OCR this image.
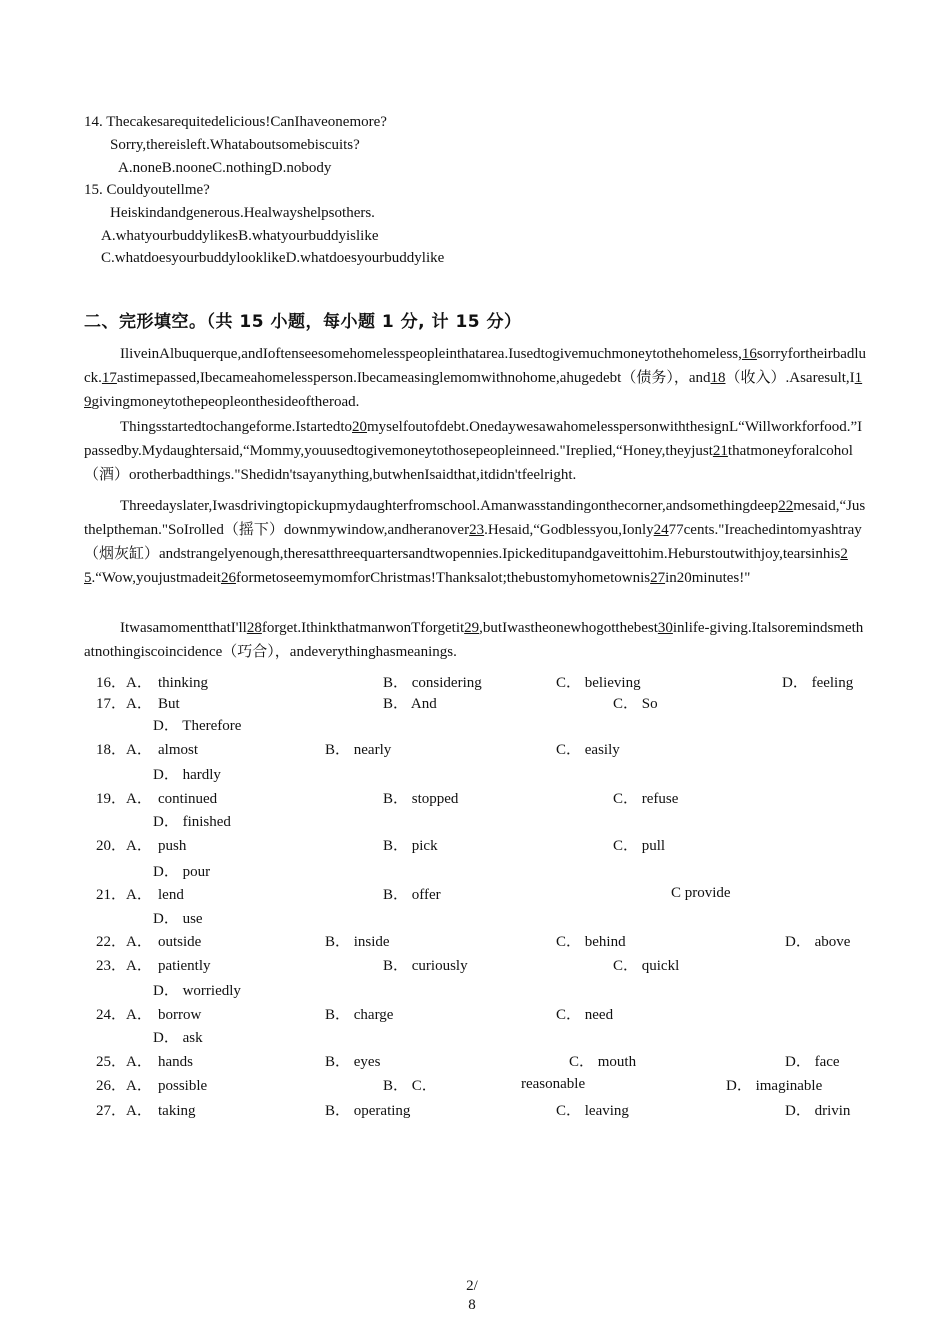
14. Thecakesarequitedelicious!CanIhaveonemore?
Sorry,thereisleft.Whataboutsomebiscuits?
A.noneB.nooneC.nothingD.nobody
15. Couldyoutellme?
Heiskindandgenerous.Healwayshelpsothers.
A.whatyourbuddylikesB.whatyourbuddyislike
C.whatdoesyourbuddylooklikeD.whatdoesyourbuddylike
二、完形填空。（共 15 小题，每小题 1 分, 计 15 分）

IliveinAlbuquerque,andIoftenseesomehomelesspeopleinthatarea.Iusedtogivemuchmoneytothehomeless,16sorryfortheirbadluck.17astimepassed,Ibecameahomelessperson.Ibecameasinglemomwithnohome,ahugedebt（债务），and18（收入）.Asaresult,I19givingmoneytothepeopleonthesideoftheroad.

Thingsstartedtochangeforme.Istartedto20myselfoutofdebt.OnedaywesawahomelesspersonwiththesignL“Willworkforfood.”Ipassedby.Mydaughtersaid,“Mommy,youusedtogivemoneytothosepeopleinneed."Ireplied,“Honey,theyjust21thatmoneyforalcohol（酒）orotherbadthings."Shedidn'tsayanything,butwhenIsaidthat,itdidn'tfeelright.

Threedayslater,Iwasdrivingtopickupmydaughterfromschool.Amanwasstandingonthecorner,andsomethingdeep22mesaid,“Justhelptheman."SoIrolled（摇下）downmywindow,andheranover23.Hesaid,“Godblessyou,Ionly2477cents."Ireachedintomyashtray（烟灰缸）andstrangelyenough,theresatthreequartersandtwopennies.Ipickeditupandgaveittohim.Heburstoutwithjoy,tearsinhis25.“Wow,youjustmadeit26formetoseemymomforChristmas!Thanksalot;thebustomyhometownis27in20minutes!"

ItwasamomentthatI'll28forget.IthinkthatmanwonTforgetit29,butIwastheonewhogotthebest30inlife-giving.Italsoremindsmethatnothingiscoincidence（巧合），andeverythinghasmeanings.

16．A． thinking	B． considering	C． believing	D． feeling
17．A． But	B． And	C． So
D． Therefore
18．A． almost	B． nearly	C． easily
D． hardly
19．A． continued	B． stopped	C． refuse
D． finished
20．A． push	B． pick	C． pull
D． pour
21．A． lend	B． offer	C provide
D． use
22．A． outside	B． inside	C． behind	D． above
23．A． patiently	B． curiously	C． quickl
D． worriedly
24．A． borrow	B． charge	C． need
D． ask
25．A． hands	B． eyes	C． mouth	D． face
26．A． possible	B． C．	reasonable	D． imaginable
27．A． taking	B． operating	C． leaving	D． drivin
2/
8
